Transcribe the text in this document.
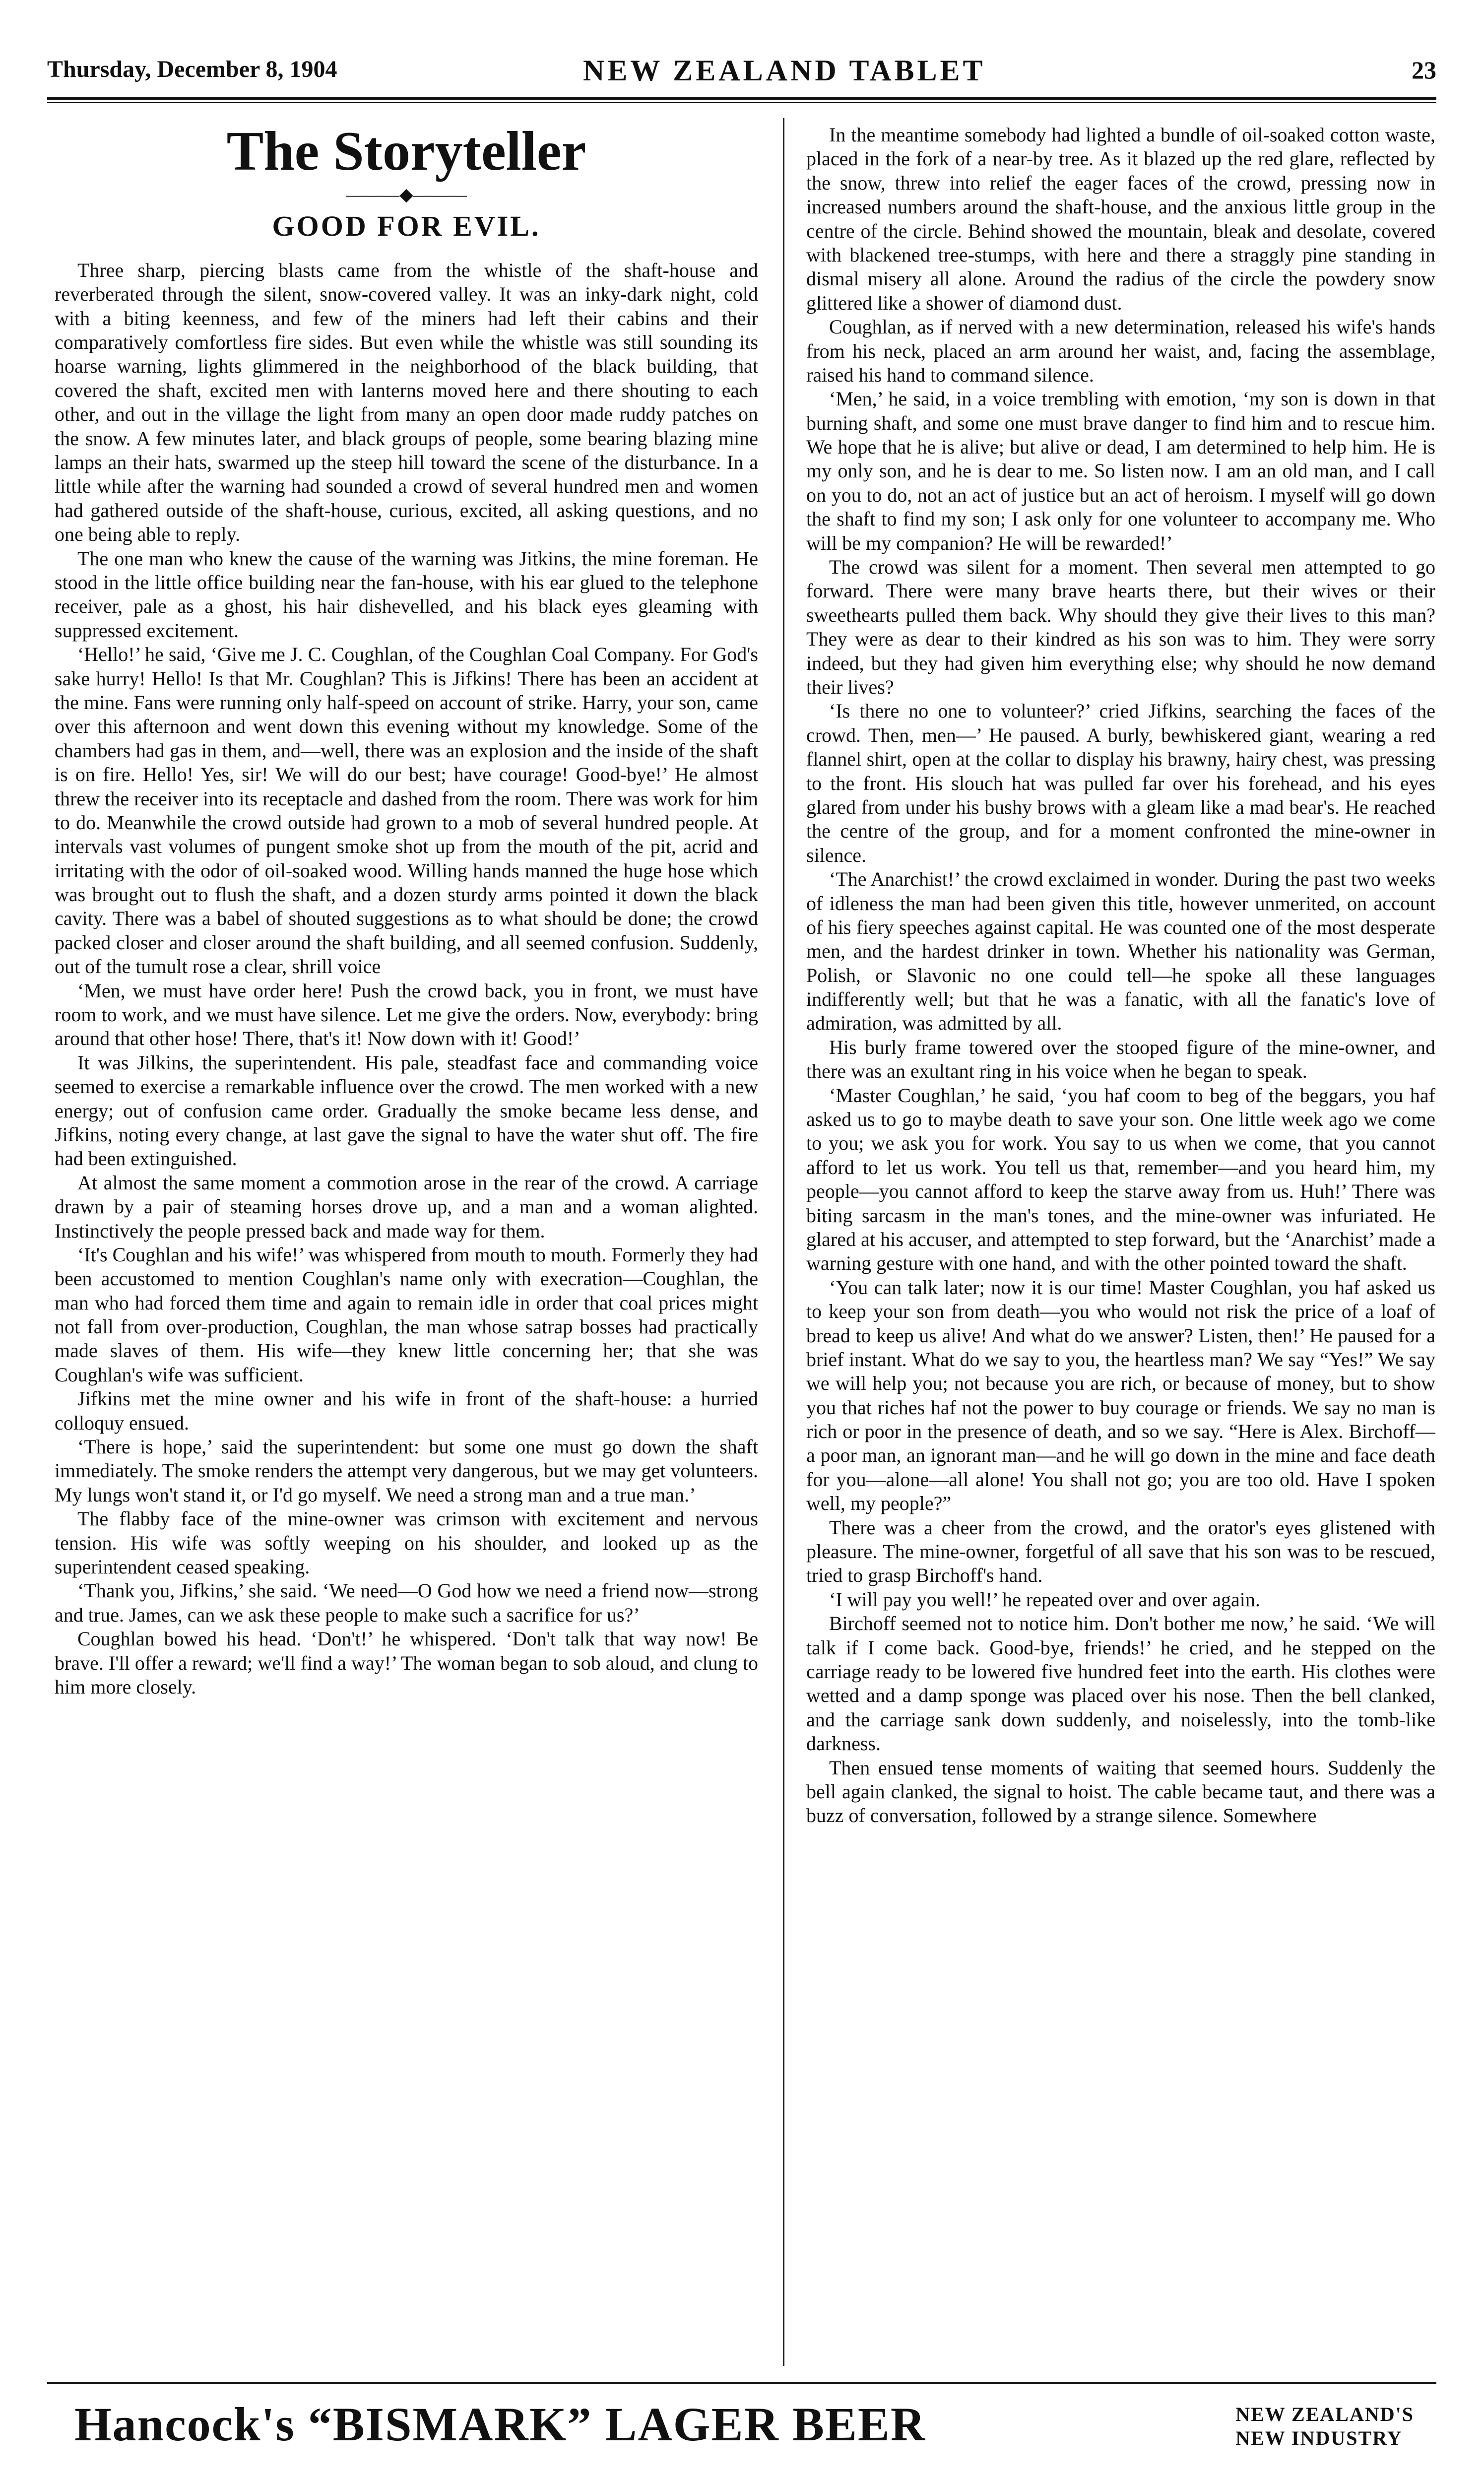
Thursday, December 8, 1904	NEW ZEALAND TABLET	23
The Storyteller
———◆———
GOOD FOR EVIL.

Three sharp, piercing blasts came from the whistle of the shaft-house and reverberated through the silent, snow-covered valley. It was an inky-dark night, cold with a biting keenness, and few of the miners had left their cabins and their comparatively comfortless fire sides. But even while the whistle was still sounding its hoarse warning, lights glimmered in the neighborhood of the black building, that covered the shaft, excited men with lanterns moved here and there shouting to each other, and out in the village the light from many an open door made ruddy patches on the snow. A few minutes later, and black groups of people, some bearing blazing mine lamps an their hats, swarmed up the steep hill toward the scene of the disturbance. In a little while after the warning had sounded a crowd of several hundred men and women had gathered outside of the shaft-house, curious, excited, all asking questions, and no one being able to reply.

The one man who knew the cause of the warning was Jitkins, the mine foreman. He stood in the little office building near the fan-house, with his ear glued to the telephone receiver, pale as a ghost, his hair dishevelled, and his black eyes gleaming with suppressed excitement.

‘Hello!’ he said, ‘Give me J. C. Coughlan, of the Coughlan Coal Company. For God's sake hurry! Hello! Is that Mr. Coughlan? This is Jifkins! There has been an accident at the mine. Fans were running only half-speed on account of strike. Harry, your son, came over this afternoon and went down this evening without my knowledge. Some of the chambers had gas in them, and—well, there was an explosion and the inside of the shaft is on fire. Hello! Yes, sir! We will do our best; have courage! Good-bye!’ He almost threw the receiver into its receptacle and dashed from the room. There was work for him to do. Meanwhile the crowd outside had grown to a mob of several hundred people. At intervals vast volumes of pungent smoke shot up from the mouth of the pit, acrid and irritating with the odor of oil-soaked wood. Willing hands manned the huge hose which was brought out to flush the shaft, and a dozen sturdy arms pointed it down the black cavity. There was a babel of shouted suggestions as to what should be done; the crowd packed closer and closer around the shaft building, and all seemed confusion. Suddenly, out of the tumult rose a clear, shrill voice

‘Men, we must have order here! Push the crowd back, you in front, we must have room to work, and we must have silence. Let me give the orders. Now, everybody: bring around that other hose! There, that's it! Now down with it! Good!’

It was Jilkins, the superintendent. His pale, steadfast face and commanding voice seemed to exercise a remarkable influence over the crowd. The men worked with a new energy; out of confusion came order. Gradually the smoke became less dense, and Jifkins, noting every change, at last gave the signal to have the water shut off. The fire had been extinguished.

At almost the same moment a commotion arose in the rear of the crowd. A carriage drawn by a pair of steaming horses drove up, and a man and a woman alighted. Instinctively the people pressed back and made way for them.

‘It's Coughlan and his wife!’ was whispered from mouth to mouth. Formerly they had been accustomed to mention Coughlan's name only with execration—Coughlan, the man who had forced them time and again to remain idle in order that coal prices might not fall from over-production, Coughlan, the man whose satrap bosses had practically made slaves of them. His wife—they knew little concerning her; that she was Coughlan's wife was sufficient.

Jifkins met the mine owner and his wife in front of the shaft-house: a hurried colloquy ensued.

‘There is hope,’ said the superintendent: but some one must go down the shaft immediately. The smoke renders the attempt very dangerous, but we may get volunteers. My lungs won't stand it, or I'd go myself. We need a strong man and a true man.’

The flabby face of the mine-owner was crimson with excitement and nervous tension. His wife was softly weeping on his shoulder, and looked up as the superintendent ceased speaking.

‘Thank you, Jifkins,’ she said. ‘We need—O God how we need a friend now—strong and true. James, can we ask these people to make such a sacrifice for us?’

Coughlan bowed his head. ‘Don't!’ he whispered. ‘Don't talk that way now! Be brave. I'll offer a reward; we'll find a way!’ The woman began to sob aloud, and clung to him more closely.

In the meantime somebody had lighted a bundle of oil-soaked cotton waste, placed in the fork of a near-by tree. As it blazed up the red glare, reflected by the snow, threw into relief the eager faces of the crowd, pressing now in increased numbers around the shaft-house, and the anxious little group in the centre of the circle. Behind showed the mountain, bleak and desolate, covered with blackened tree-stumps, with here and there a straggly pine standing in dismal misery all alone. Around the radius of the circle the powdery snow glittered like a shower of diamond dust.

Coughlan, as if nerved with a new determination, released his wife's hands from his neck, placed an arm around her waist, and, facing the assemblage, raised his hand to command silence.

‘Men,’ he said, in a voice trembling with emotion, ‘my son is down in that burning shaft, and some one must brave danger to find him and to rescue him. We hope that he is alive; but alive or dead, I am determined to help him. He is my only son, and he is dear to me. So listen now. I am an old man, and I call on you to do, not an act of justice but an act of heroism. I myself will go down the shaft to find my son; I ask only for one volunteer to accompany me. Who will be my companion? He will be rewarded!’

The crowd was silent for a moment. Then several men attempted to go forward. There were many brave hearts there, but their wives or their sweethearts pulled them back. Why should they give their lives to this man? They were as dear to their kindred as his son was to him. They were sorry indeed, but they had given him everything else; why should he now demand their lives?

‘Is there no one to volunteer?’ cried Jifkins, searching the faces of the crowd. Then, men—’ He paused. A burly, bewhiskered giant, wearing a red flannel shirt, open at the collar to display his brawny, hairy chest, was pressing to the front. His slouch hat was pulled far over his forehead, and his eyes glared from under his bushy brows with a gleam like a mad bear's. He reached the centre of the group, and for a moment confronted the mine-owner in silence.

‘The Anarchist!’ the crowd exclaimed in wonder. During the past two weeks of idleness the man had been given this title, however unmerited, on account of his fiery speeches against capital. He was counted one of the most desperate men, and the hardest drinker in town. Whether his nationality was German, Polish, or Slavonic no one could tell—he spoke all these languages indifferently well; but that he was a fanatic, with all the fanatic's love of admiration, was admitted by all.

His burly frame towered over the stooped figure of the mine-owner, and there was an exultant ring in his voice when he began to speak.

‘Master Coughlan,’ he said, ‘you haf coom to beg of the beggars, you haf asked us to go to maybe death to save your son. One little week ago we come to you; we ask you for work. You say to us when we come, that you cannot afford to let us work. You tell us that, remember—and you heard him, my people—you cannot afford to keep the starve away from us. Huh!’ There was biting sarcasm in the man's tones, and the mine-owner was infuriated. He glared at his accuser, and attempted to step forward, but the ‘Anarchist’ made a warning gesture with one hand, and with the other pointed toward the shaft.

‘You can talk later; now it is our time! Master Coughlan, you haf asked us to keep your son from death—you who would not risk the price of a loaf of bread to keep us alive! And what do we answer? Listen, then!’ He paused for a brief instant. What do we say to you, the heartless man? We say “Yes!” We say we will help you; not because you are rich, or because of money, but to show you that riches haf not the power to buy courage or friends. We say no man is rich or poor in the presence of death, and so we say. “Here is Alex. Birchoff—a poor man, an ignorant man—and he will go down in the mine and face death for you—alone—all alone! You shall not go; you are too old. Have I spoken well, my people?”

There was a cheer from the crowd, and the orator's eyes glistened with pleasure. The mine-owner, forgetful of all save that his son was to be rescued, tried to grasp Birchoff's hand.

‘I will pay you well!’ he repeated over and over again.

Birchoff seemed not to notice him. Don't bother me now,’ he said. ‘We will talk if I come back. Good-bye, friends!’ he cried, and he stepped on the carriage ready to be lowered five hundred feet into the earth. His clothes were wetted and a damp sponge was placed over his nose. Then the bell clanked, and the carriage sank down suddenly, and noiselessly, into the tomb-like darkness.

Then ensued tense moments of waiting that seemed hours. Suddenly the bell again clanked, the signal to hoist. The cable became taut, and there was a buzz of conversation, followed by a strange silence. Somewhere

Hancock's “BISMARK” LAGER BEER	NEW ZEALAND'S
NEW INDUSTRY
